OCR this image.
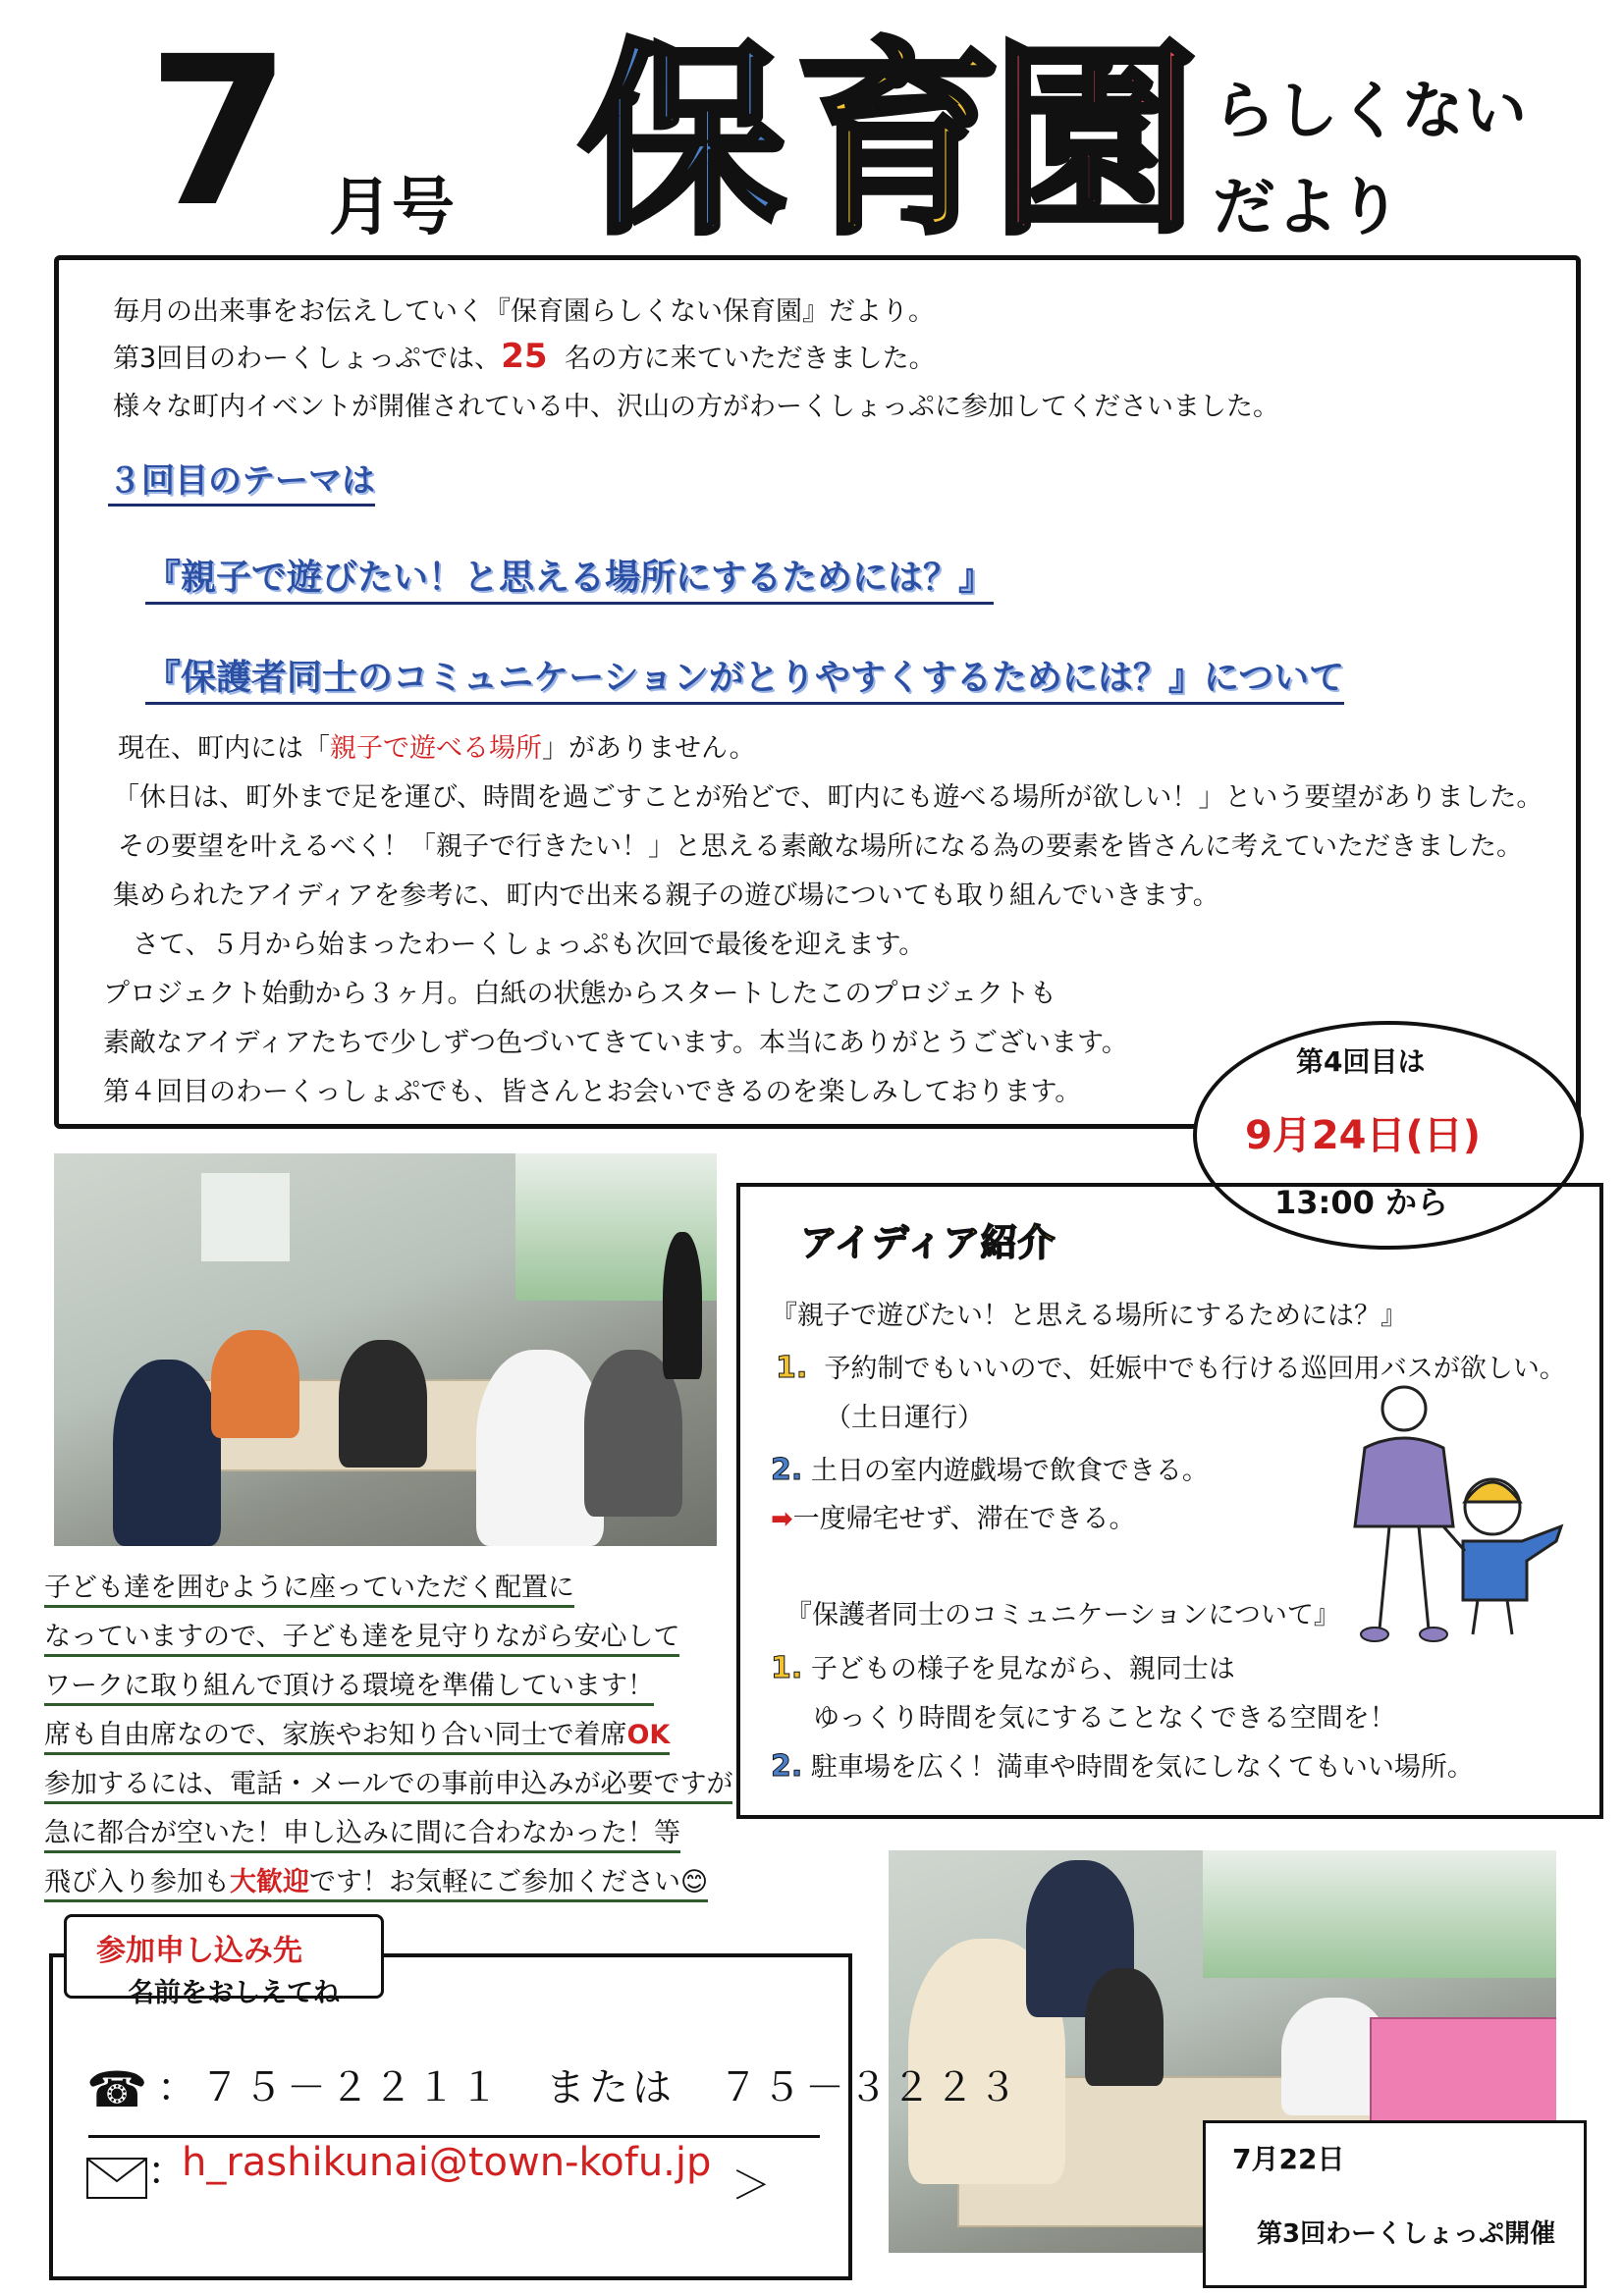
7 月号 保 育
園 らしくない
だより
毎月の出来事をお伝えしていく『保育園らしくない保育園』だより。
第3回目のわーくしょっぷでは、25 名の方に来ていただきました。
様々な町内イベントが開催されている中、沢山の方がわーくしょっぷに参加してくださいました。
３回目のテーマは
『親子で遊びたい！と思える場所にするためには？』
『保護者同士のコミュニケーションがとりやすくするためには？』について
現在、町内には「親子で遊べる場所」がありません。
「休日は、町外まで足を運び、時間を過ごすことが殆どで、町内にも遊べる場所が欲しい！」という要望がありました。
その要望を叶えるべく！「親子で行きたい！」と思える素敵な場所になる為の要素を皆さんに考えていただきました。
集められたアイディアを参考に、町内で出来る親子の遊び場についても取り組んでいきます。
さて、５月から始まったわーくしょっぷも次回で最後を迎えます。
プロジェクト始動から３ヶ月。白紙の状態からスタートしたこのプロジェクトも
素敵なアイディアたちで少しずつ色づいてきています。本当にありがとうございます。
第４回目のわーくっしょぷでも、皆さんとお会いできるのを楽しみしております。
第4回目は
9月24日(日)
13:00 から
子ども達を囲むように座っていただく配置に
なっていますので、子ども達を見守りながら安心して
ワークに取り組んで頂ける環境を準備しています！
席も自由席なので、家族やお知り合い同士で着席OK
参加するには、電話・メールでの事前申込みが必要ですが
急に都合が空いた！申し込みに間に合わなかった！等
飛び入り参加も大歓迎です！お気軽にご参加ください😊
アイディア紹介
『親子で遊びたい！と思える場所にするためには？』
1. 予約制でもいいので、妊娠中でも行ける巡回用バスが欲しい。
（土日運行）
2. 土日の室内遊戯場で飲食できる。
➡一度帰宅せず、滞在できる。
『保護者同士のコミュニケーションについて』
1. 子どもの様子を見ながら、親同士は
ゆっくり時間を気にすることなくできる空間を！
2. 駐車場を広く！満車や時間を気にしなくてもいい場所。
参加申し込み先
名前をおしえてね
☎ ：７５－２２１１　または　７５－３２２３
：
h_rashikunai@town-kofu.jp
＞
7月22日
第3回わーくしょっぷ開催
